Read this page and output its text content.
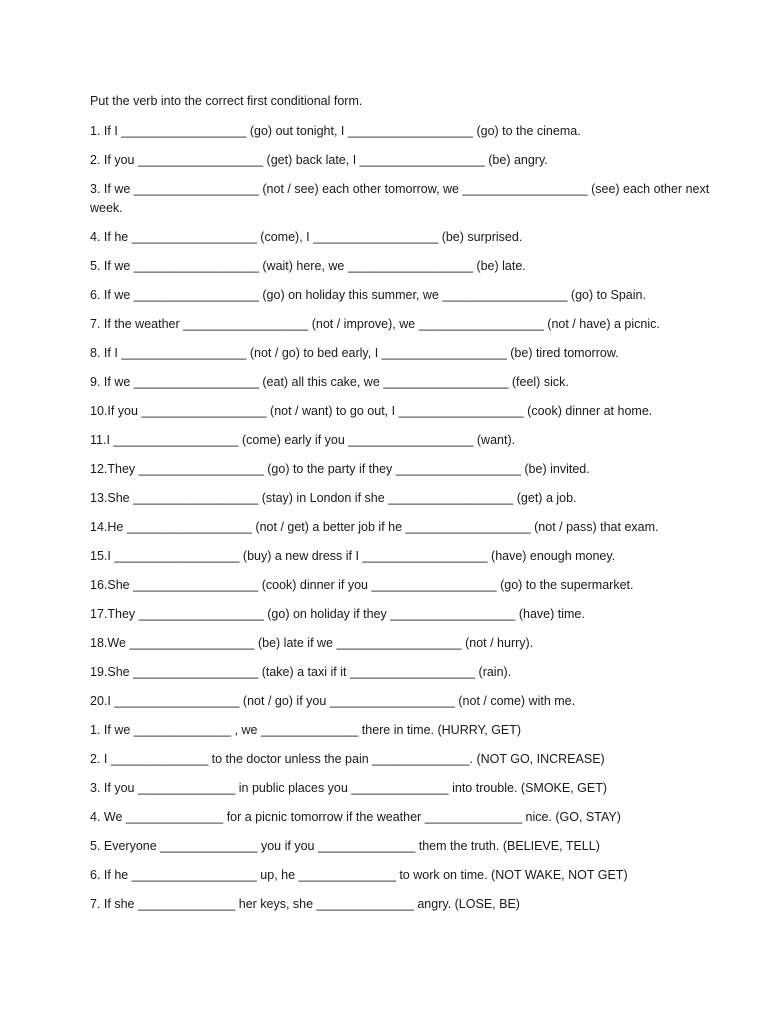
Put the verb into the correct first conditional form.

1. If I __________________ (go) out tonight, I __________________ (go) to the cinema.

2. If you __________________ (get) back late, I __________________ (be) angry.

3. If we __________________ (not / see) each other tomorrow, we __________________ (see) each other next week.

4. If he __________________ (come), I __________________ (be) surprised.

5. If we __________________ (wait) here, we __________________ (be) late.

6. If we __________________ (go) on holiday this summer, we __________________ (go) to Spain.

7. If the weather __________________ (not / improve), we __________________ (not / have) a picnic.

8. If I __________________ (not / go) to bed early, I __________________ (be) tired tomorrow.

9. If we __________________ (eat) all this cake, we __________________ (feel) sick.

10.If you __________________ (not / want) to go out, I __________________ (cook) dinner at home.

11.I __________________ (come) early if you __________________ (want).

12.They __________________ (go) to the party if they __________________ (be) invited.

13.She __________________ (stay) in London if she __________________ (get) a job.

14.He __________________ (not / get) a better job if he __________________ (not / pass) that exam.

15.I __________________ (buy) a new dress if I __________________ (have) enough money.

16.She __________________ (cook) dinner if you __________________ (go) to the supermarket.

17.They __________________ (go) on holiday if they __________________ (have) time.

18.We __________________ (be) late if we __________________ (not / hurry).

19.She __________________ (take) a taxi if it __________________ (rain).

20.I __________________ (not / go) if you __________________ (not / come) with me.

1. If we ______________ , we ______________ there in time. (HURRY, GET)

2. I ______________ to the doctor unless the pain ______________. (NOT GO, INCREASE)

3. If you ______________ in public places you ______________ into trouble. (SMOKE, GET)

4. We ______________ for a picnic tomorrow if the weather ______________ nice. (GO, STAY)

5. Everyone ______________ you if you ______________ them the truth. (BELIEVE, TELL)

6. If he __________________ up, he ______________ to work on time. (NOT WAKE, NOT GET)

7. If she ______________ her keys, she ______________ angry. (LOSE, BE)
